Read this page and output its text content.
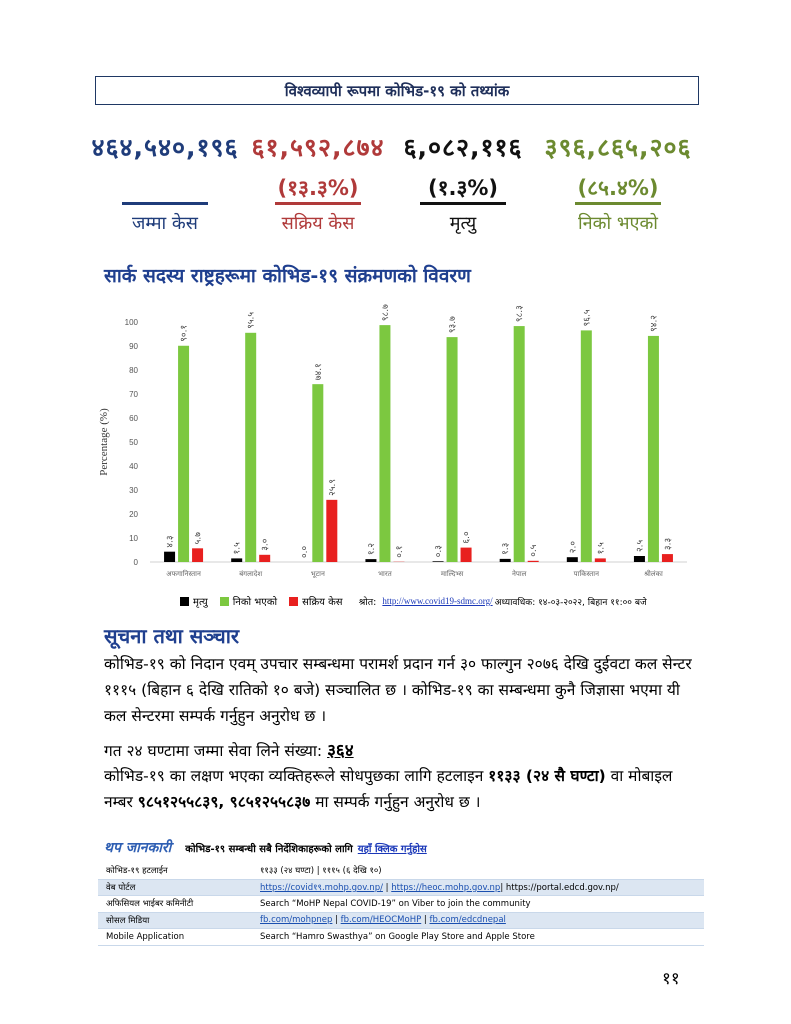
विश्वव्यापी रूपमा कोभिड-१९ को तथ्यांक
४६४,५४०,१९६
जम्मा केस
६१,५९२,८७४
(१३.३%)
सक्रिय केस
६,०८२,११६
(१.३%)
मृत्यु
३९६,८६५,२०६
(८५.४%)
निको भएको
सार्क सदस्य राष्ट्रहरूमा कोभिड-१९ संक्रमणको विवरण
0
10
20
30
40
50
60
70
80
90
100
Percentage (%)
४.३
९०.१
५.७
अफगानिस्तान
१.५
९५.५
३.०
बंगलादेश
०.०
७४.१
२५.९
भूटान
१.२
९८.७
०.१
भारत
०.३
९३.७
६.०
माल्दिभ्स
१.३
९८.३
०.५
नेपाल
२.०
९६.५
१.५
पाकिस्तान
२.५
९४.२
३.३
श्रीलंका
मृत्यु	निको भएको	सक्रिय केस श्रोत: http://www.covid19-sdmc.org/ अध्यावधिक: १४-०३-२०२२, बिहान ११:०० बजे
सूचना तथा सञ्चार
कोभिड-१९ को निदान एवम् उपचार सम्बन्धमा परामर्श प्रदान गर्न ३० फाल्गुन २०७६ देखि दुईवटा कल सेन्टर १११५ (बिहान ६ देखि रातिको १० बजे) सञ्चालित छ । कोभिड-१९ का सम्बन्धमा कुनै जिज्ञासा भएमा यी कल सेन्टरमा सम्पर्क गर्नुहुन अनुरोध छ ।
गत २४ घण्टामा जम्मा सेवा लिने संख्या: ३६४
कोभिड-१९ का लक्षण भएका व्यक्तिहरूले सोधपुछका लागि हटलाइन ११३३ (२४ सै घण्टा) वा मोबाइल नम्बर ९८५१२५५८३९, ९८५१२५५८३७ मा सम्पर्क गर्नुहुन अनुरोध छ ।
थप जानकारी कोभिड-१९ सम्बन्धी सबै निर्देशिकाहरूको लागि यहाँ क्लिक गर्नुहोस
कोभिड-१९ हटलाईन	११३३ (२४ घण्टा) | १११५ (६ देखि १०)
वेब पोर्टल	https://covid१९.mohp.gov.np/ | https://heoc.mohp.gov.np| https://portal.edcd.gov.np/
अफिसियल भाईबर कमिनीटी	Search “MoHP Nepal COVID-19” on Viber to join the community
सोसल मिडिया	fb.com/mohpnep | fb.com/HEOCMoHP | fb.com/edcdnepal
Mobile Application	Search “Hamro Swasthya” on Google Play Store and Apple Store
११
